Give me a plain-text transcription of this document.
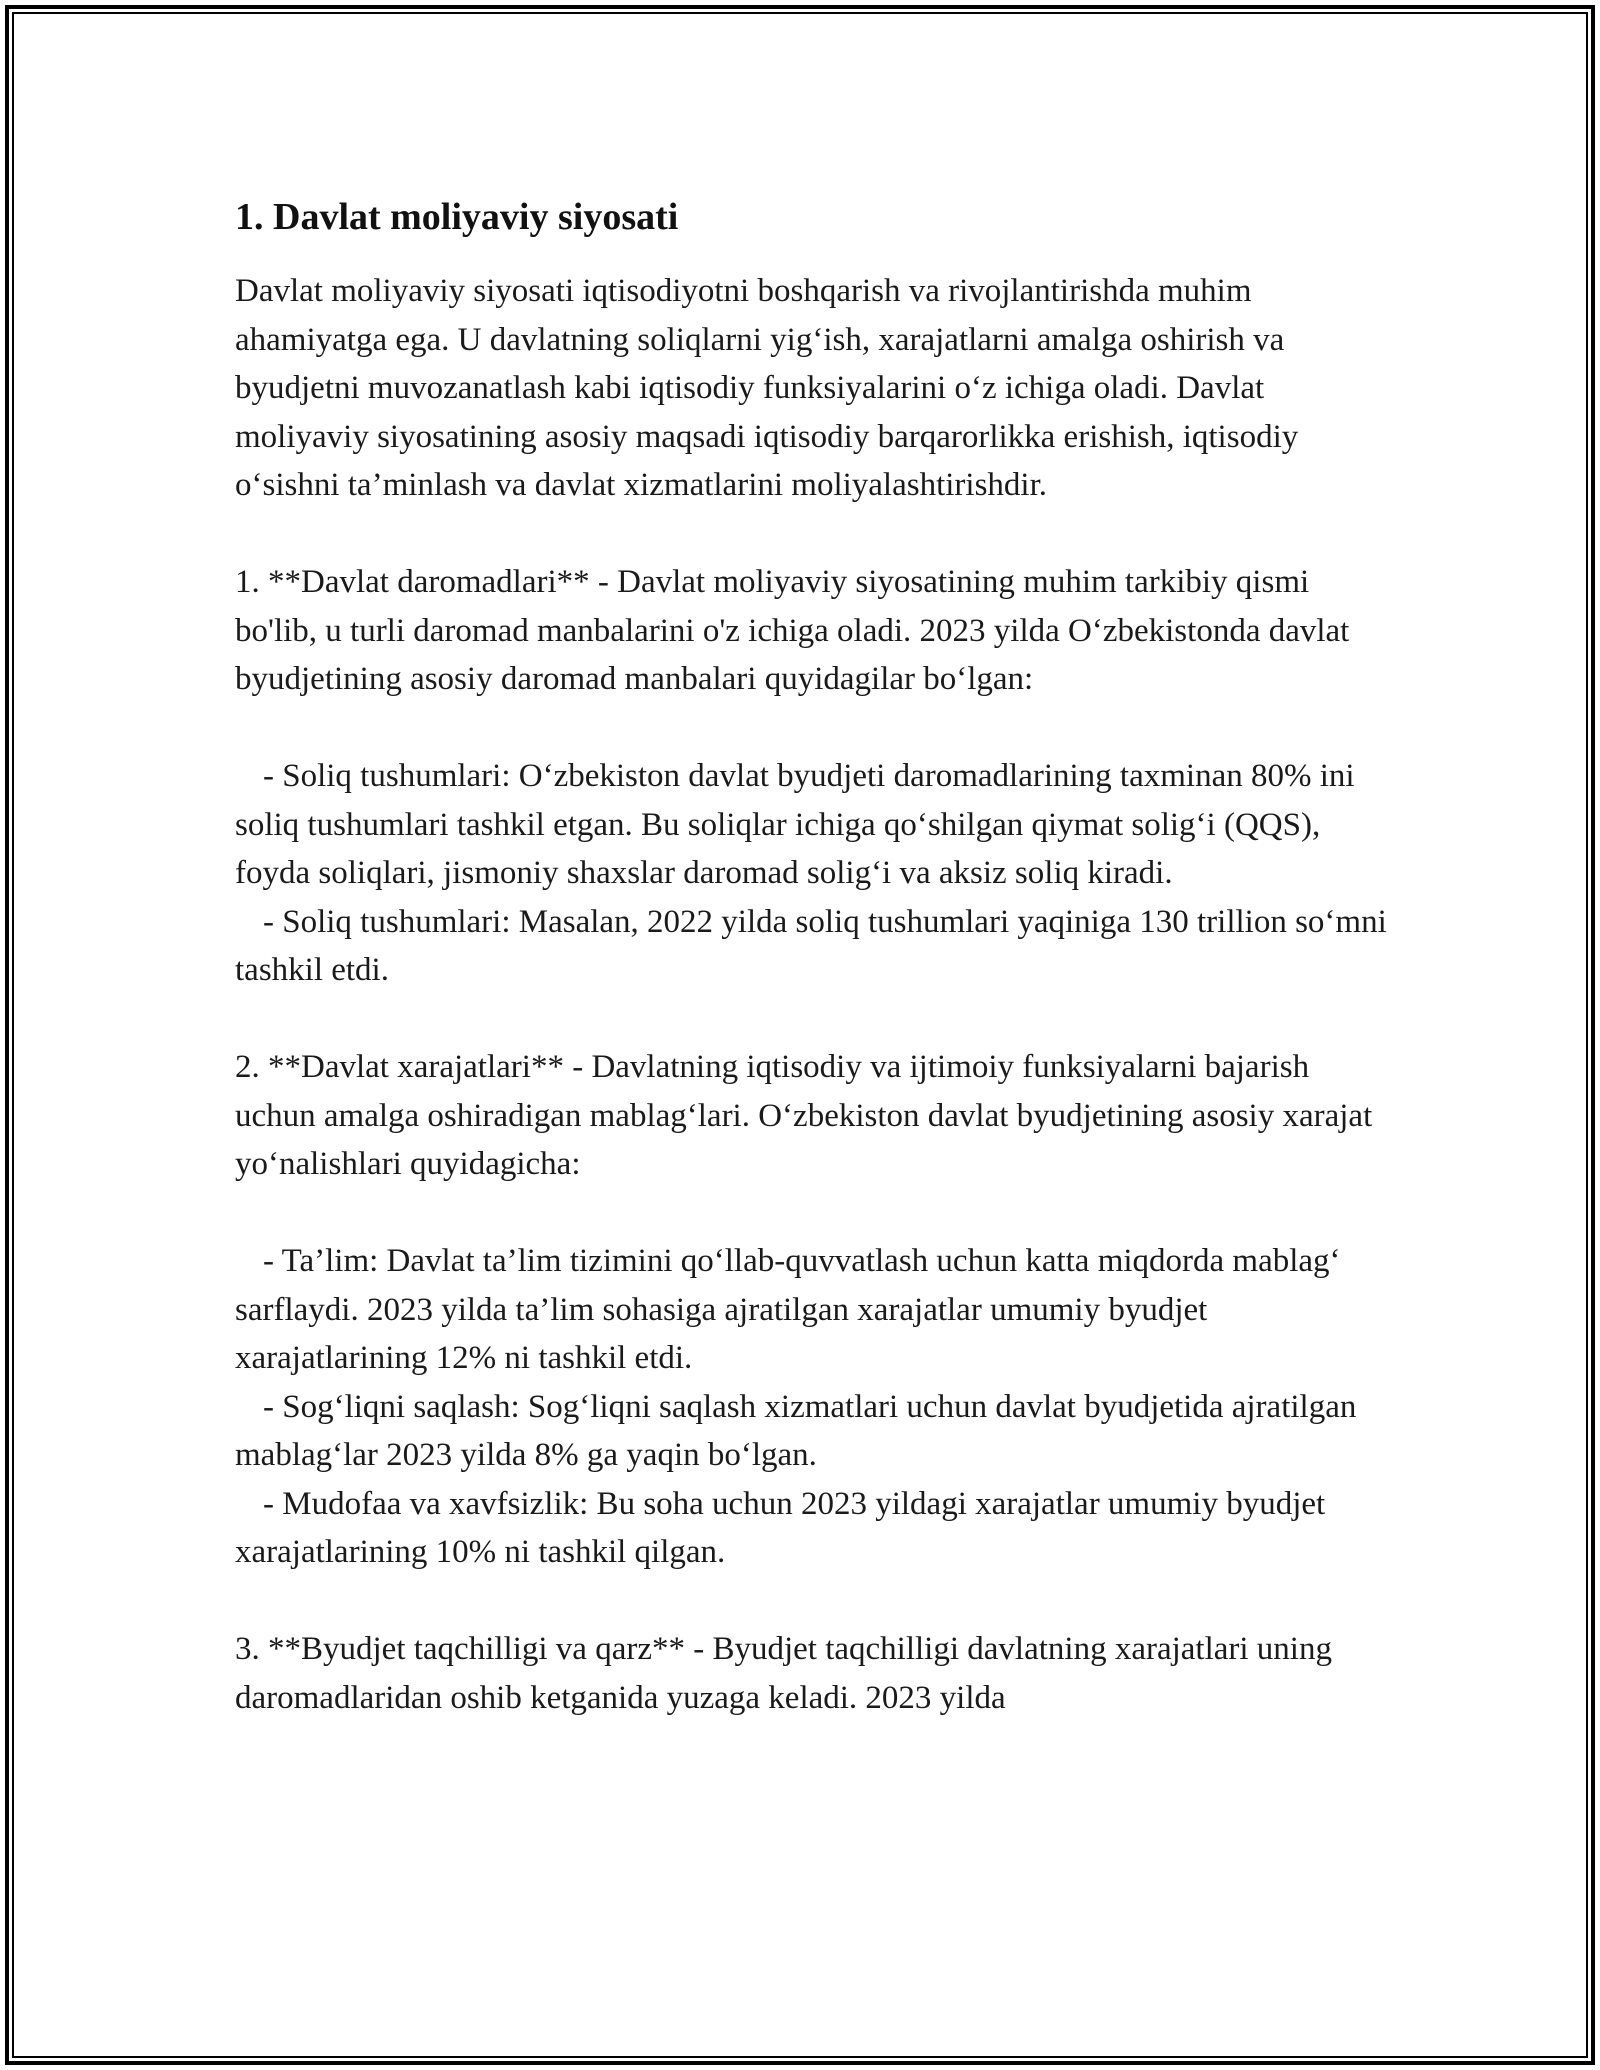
1. Davlat moliyaviy siyosati

Davlat moliyaviy siyosati iqtisodiyotni boshqarish va rivojlantirishda muhim ahamiyatga ega. U davlatning soliqlarni yig‘ish, xarajatlarni amalga oshirish va byudjetni muvozanatlash kabi iqtisodiy funksiyalarini o‘z ichiga oladi. Davlat moliyaviy siyosatining asosiy maqsadi iqtisodiy barqarorlikka erishish, iqtisodiy o‘sishni ta’minlash va davlat xizmatlarini moliyalashtirishdir.

1. **Davlat daromadlari** - Davlat moliyaviy siyosatining muhim tarkibiy qismi bo'lib, u turli daromad manbalarini o'z ichiga oladi. 2023 yilda O‘zbekistonda davlat byudjetining asosiy daromad manbalari quyidagilar bo‘lgan:

- Soliq tushumlari: O‘zbekiston davlat byudjeti daromadlarining taxminan 80% ini soliq tushumlari tashkil etgan. Bu soliqlar ichiga qo‘shilgan qiymat solig‘i (QQS), foyda soliqlari, jismoniy shaxslar daromad solig‘i va aksiz soliq kiradi.
- Soliq tushumlari: Masalan, 2022 yilda soliq tushumlari yaqiniga 130 trillion so‘mni tashkil etdi.

2. **Davlat xarajatlari** - Davlatning iqtisodiy va ijtimoiy funksiyalarni bajarish uchun amalga oshiradigan mablag‘lari. O‘zbekiston davlat byudjetining asosiy xarajat yo‘nalishlari quyidagicha:

- Ta’lim: Davlat ta’lim tizimini qo‘llab-quvvatlash uchun katta miqdorda mablag‘ sarflaydi. 2023 yilda ta’lim sohasiga ajratilgan xarajatlar umumiy byudjet xarajatlarining 12% ni tashkil etdi.
- Sog‘liqni saqlash: Sog‘liqni saqlash xizmatlari uchun davlat byudjetida ajratilgan mablag‘lar 2023 yilda 8% ga yaqin bo‘lgan.
- Mudofaa va xavfsizlik: Bu soha uchun 2023 yildagi xarajatlar umumiy byudjet xarajatlarining 10% ni tashkil qilgan.

3. **Byudjet taqchilligi va qarz** - Byudjet taqchilligi davlatning xarajatlari uning daromadlaridan oshib ketganida yuzaga keladi. 2023 yilda
